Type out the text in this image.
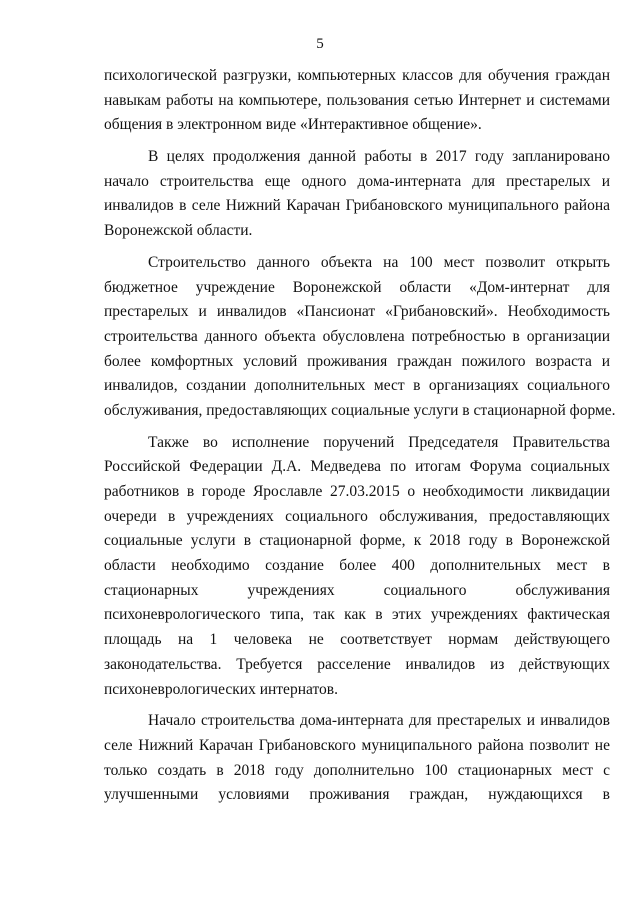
5
психологической разгрузки, компьютерных классов для обучения граждан
навыкам работы на компьютере, пользования сетью Интернет и системами
общения в электронном виде «Интерактивное общение».
В целях продолжения данной работы в 2017 году запланировано
начало строительства еще одного дома-интерната для престарелых и
инвалидов в селе Нижний Карачан Грибановского муниципального района
Воронежской области.
Строительство данного объекта на 100 мест позволит открыть
бюджетное учреждение Воронежской области «Дом-интернат для
престарелых и инвалидов «Пансионат «Грибановский». Необходимость
строительства данного объекта обусловлена потребностью в организации
более комфортных условий проживания граждан пожилого возраста и
инвалидов, создании дополнительных мест в организациях социального
обслуживания, предоставляющих социальные услуги в стационарной форме.
Также во исполнение поручений Председателя Правительства
Российской Федерации Д.А. Медведева по итогам Форума социальных
работников в городе Ярославле 27.03.2015 о необходимости ликвидации
очереди в учреждениях социального обслуживания, предоставляющих
социальные услуги в стационарной форме, к 2018 году в Воронежской
области необходимо создание более 400 дополнительных мест в
стационарных учреждениях социального обслуживания
психоневрологического типа, так как в этих учреждениях фактическая
площадь на 1 человека не соответствует нормам действующего
законодательства. Требуется расселение инвалидов из действующих
психоневрологических интернатов.
Начало строительства дома-интерната для престарелых и инвалидов
селе Нижний Карачан Грибановского муниципального района позволит не
только создать в 2018 году дополнительно 100 стационарных мест с
улучшенными условиями проживания граждан, нуждающихся в
